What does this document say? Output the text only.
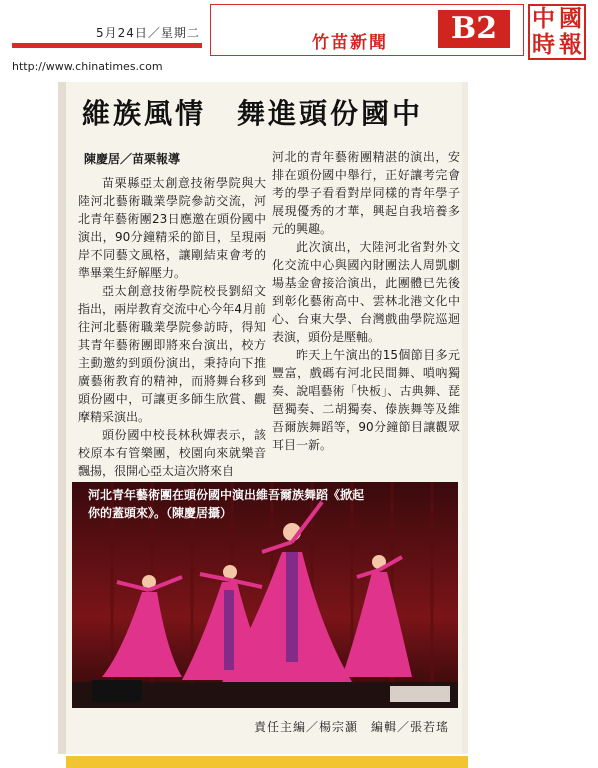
5月24日／星期二
http://www.chinatimes.com
竹苗新聞	B2	中 國
時 報
維族風情　舞進頭份國中
陳慶居／苗栗報導

苗栗縣亞太創意技術學院與大陸河北藝術職業學院參訪交流，河北青年藝術團23日應邀在頭份國中演出，90分鐘精采的節目，呈現兩岸不同藝文風格，讓剛結束會考的準畢業生紓解壓力。

亞太創意技術學院校長劉紹文指出，兩岸教育交流中心今年4月前往河北藝術職業學院參訪時，得知其青年藝術團即將來台演出，校方主動邀約到頭份演出，秉持向下推廣藝術教育的精神，而將舞台移到頭份國中，可讓更多師生欣賞、觀摩精采演出。

頭份國中校長林秋嬋表示，該校原本有管樂團，校園向來就樂音飄揚，很開心亞太這次將來自

河北的青年藝術團精湛的演出，安排在頭份國中舉行，正好讓考完會考的學子看看對岸同樣的青年學子展現優秀的才華，興起自我培養多元的興趣。

此次演出，大陸河北省對外文化交流中心與國內財團法人周凱劇場基金會接洽演出，此團體已先後到彰化藝術高中、雲林北港文化中心、台東大學、台灣戲曲學院巡迴表演，頭份是壓軸。

昨天上午演出的15個節目多元豐富，戲碼有河北民間舞、嗩吶獨奏、說唱藝術「快板」、古典舞、琵琶獨奏、二胡獨奏、傣族舞等及維吾爾族舞蹈等，90分鐘節目讓觀眾耳目一新。

河北青年藝術團在頭份國中演出維吾爾族舞蹈《掀起你的蓋頭來》。（陳慶居攝）
責任主編／楊宗灝　編輯／張若瑤
